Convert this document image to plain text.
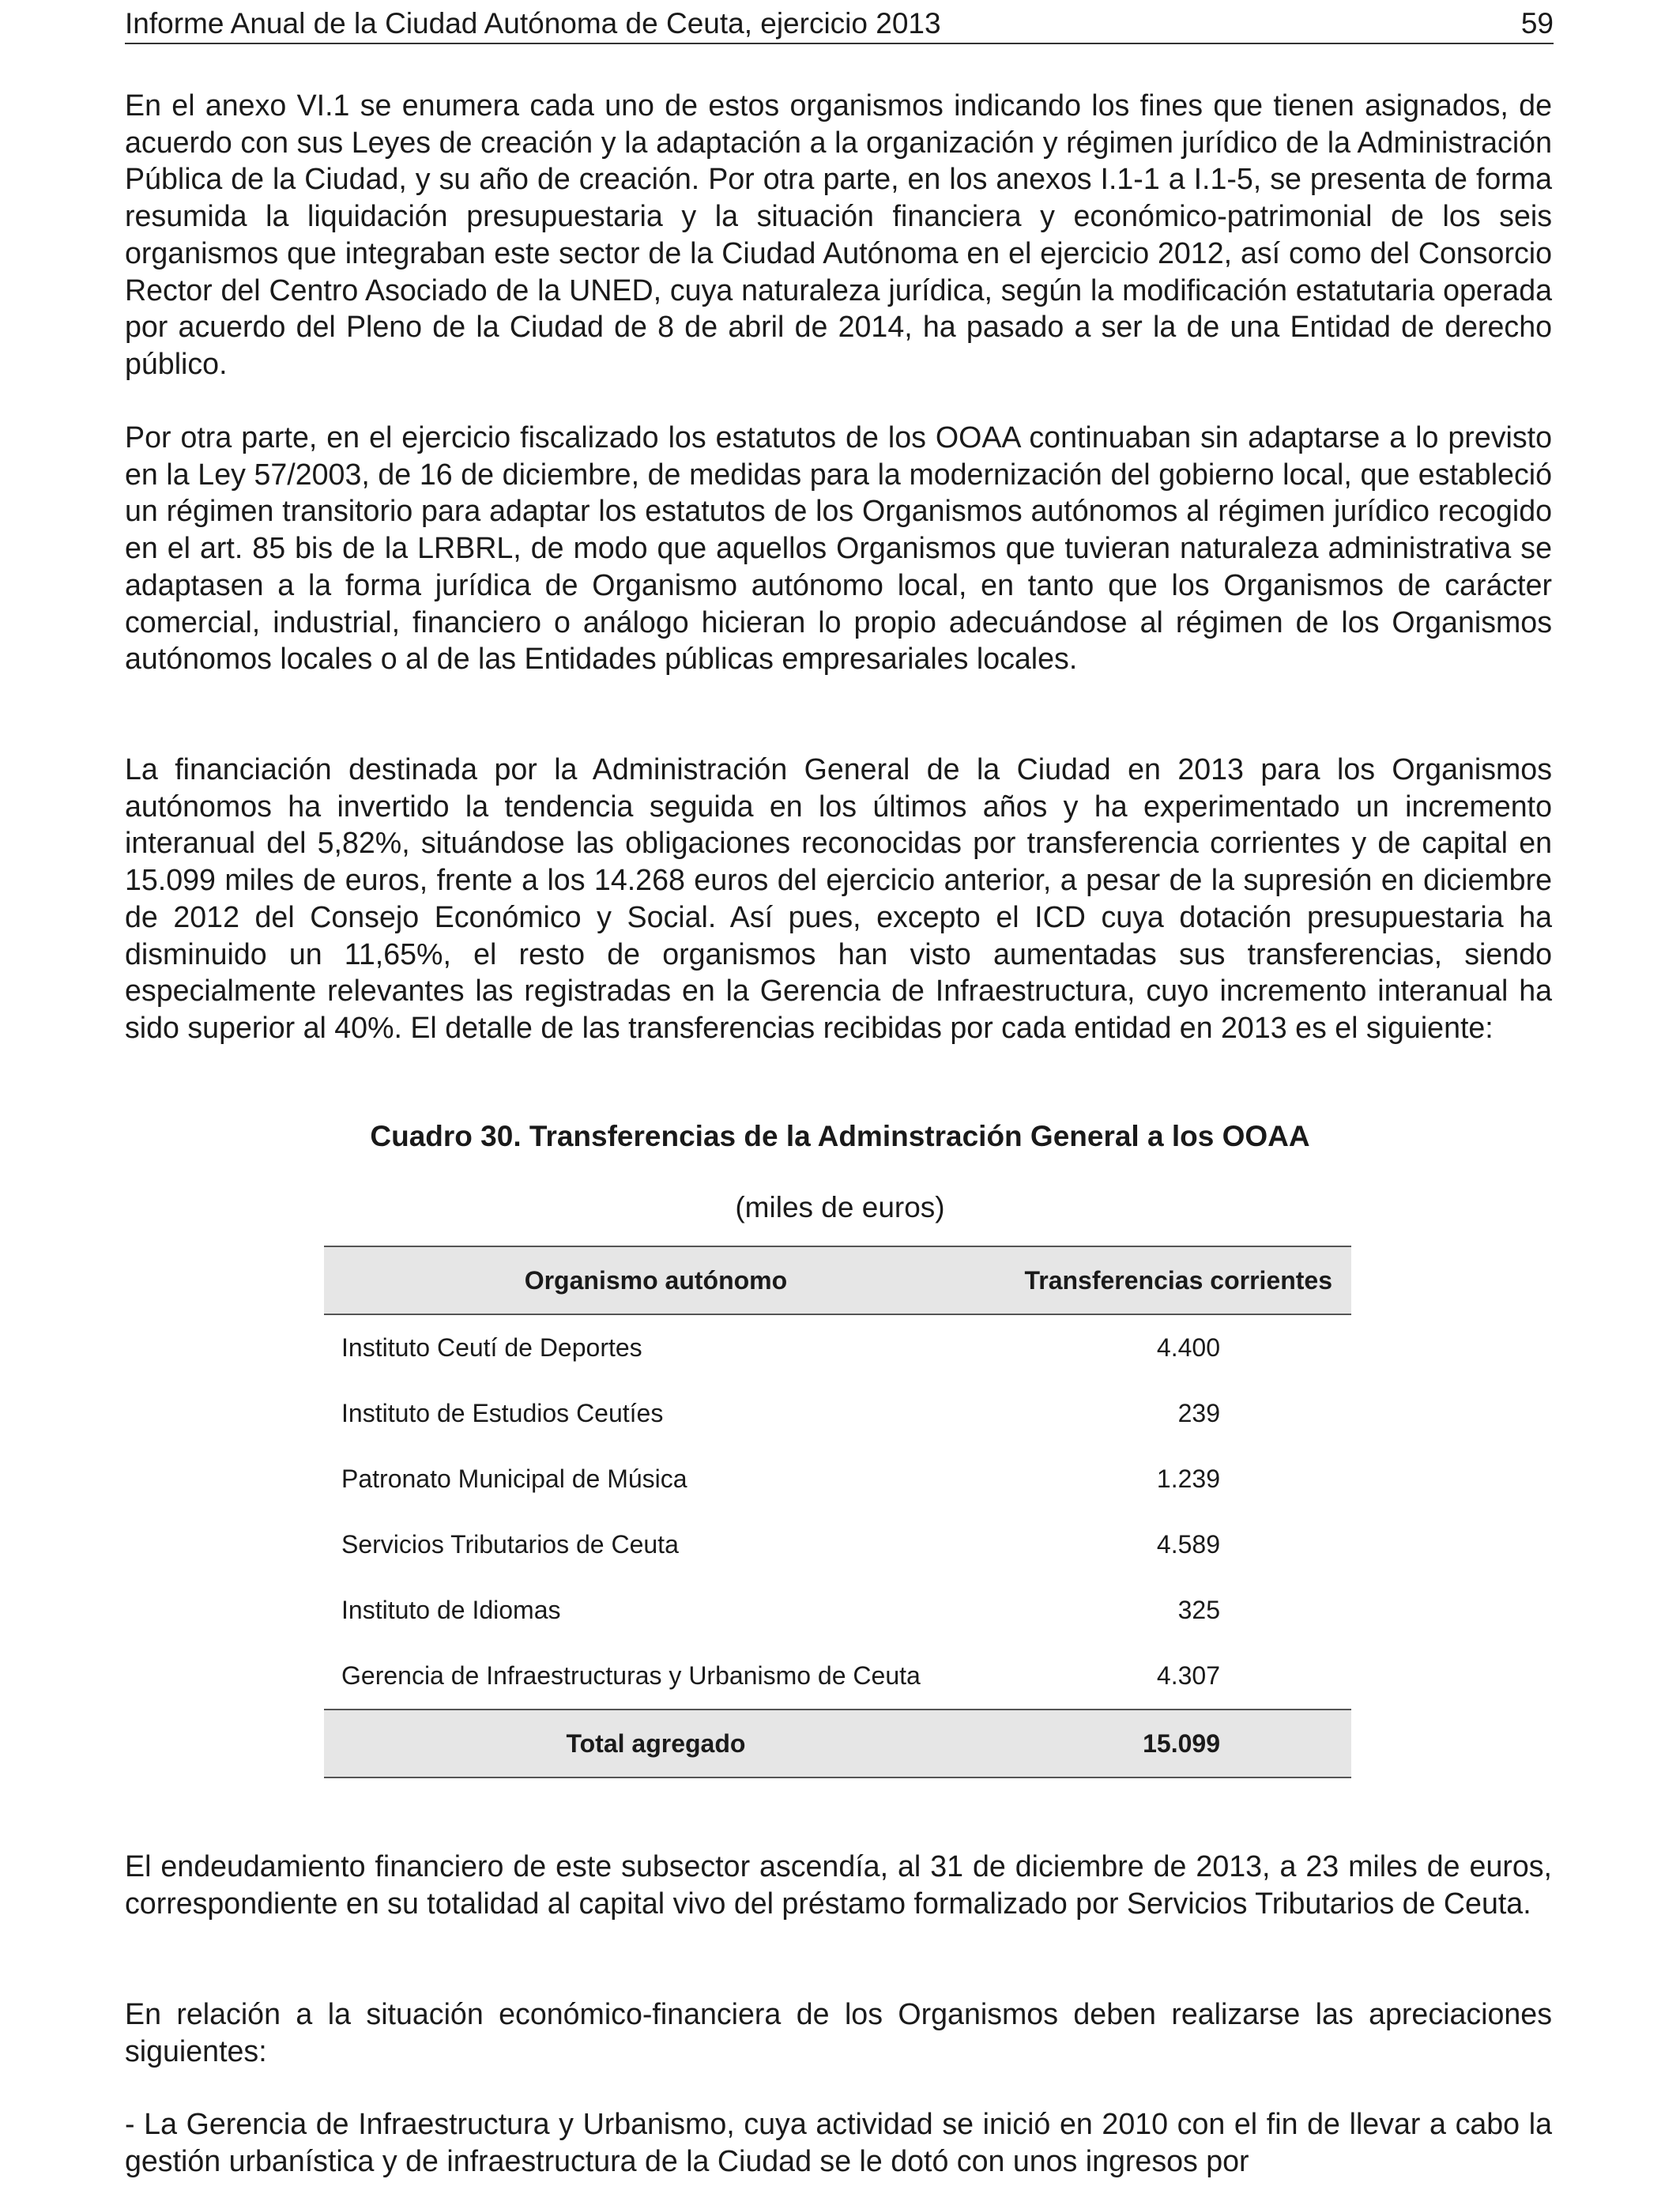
Informe Anual de la Ciudad Autónoma de Ceuta, ejercicio 2013	59

En el anexo VI.1 se enumera cada uno de estos organismos indicando los fines que tienen asignados, de acuerdo con sus Leyes de creación y la adaptación a la organización y régimen jurídico de la Administración Pública de la Ciudad, y su año de creación. Por otra parte, en los anexos I.1-1 a I.1-5, se presenta de forma resumida la liquidación presupuestaria y la situación financiera y económico-patrimonial de los seis organismos que integraban este sector de la Ciudad Autónoma en el ejercicio 2012, así como del Consorcio Rector del Centro Asociado de la UNED, cuya naturaleza jurídica, según la modificación estatutaria operada por acuerdo del Pleno de la Ciudad de 8 de abril de 2014, ha pasado a ser la de una Entidad de derecho público.

Por otra parte, en el ejercicio fiscalizado los estatutos de los OOAA continuaban sin adaptarse a lo previsto en la Ley 57/2003, de 16 de diciembre, de medidas para la modernización del gobierno local, que estableció un régimen transitorio para adaptar los estatutos de los Organismos autónomos al régimen jurídico recogido en el art. 85 bis de la LRBRL, de modo que aquellos Organismos que tuvieran naturaleza administrativa se adaptasen a la forma jurídica de Organismo autónomo local, en tanto que los Organismos de carácter comercial, industrial, financiero o análogo hicieran lo propio adecuándose al régimen de los Organismos autónomos locales o al de las Entidades públicas empresariales locales.

La financiación destinada por la Administración General de la Ciudad en 2013 para los Organismos autónomos ha invertido la tendencia seguida en los últimos años y ha experimentado un incremento interanual del 5,82%, situándose las obligaciones reconocidas por transferencia corrientes y de capital en 15.099 miles de euros, frente a los 14.268 euros del ejercicio anterior, a pesar de la supresión en diciembre de 2012 del Consejo Económico y Social. Así pues, excepto el ICD cuya dotación presupuestaria ha disminuido un 11,65%, el resto de organismos han visto aumentadas sus transferencias, siendo especialmente relevantes las registradas en la Gerencia de Infraestructura, cuyo incremento interanual ha sido superior al 40%. El detalle de las transferencias recibidas por cada entidad en 2013 es el siguiente:

Cuadro 30. Transferencias de la Adminstración General a los OOAA
(miles de euros)
Organismo autónomo	Transferencias corrientes
Instituto Ceutí de Deportes	4.400
Instituto de Estudios Ceutíes	239
Patronato Municipal de Música	1.239
Servicios Tributarios de Ceuta	4.589
Instituto de Idiomas	325
Gerencia de Infraestructuras y Urbanismo de Ceuta	4.307
Total agregado	15.099

El endeudamiento financiero de este subsector ascendía, al 31 de diciembre de 2013, a 23 miles de euros, correspondiente en su totalidad al capital vivo del préstamo formalizado por Servicios Tributarios de Ceuta.

En relación a la situación económico-financiera de los Organismos deben realizarse las apreciaciones siguientes:

- La Gerencia de Infraestructura y Urbanismo, cuya actividad se inició en 2010 con el fin de llevar a cabo la gestión urbanística y de infraestructura de la Ciudad se le dotó con unos ingresos por
